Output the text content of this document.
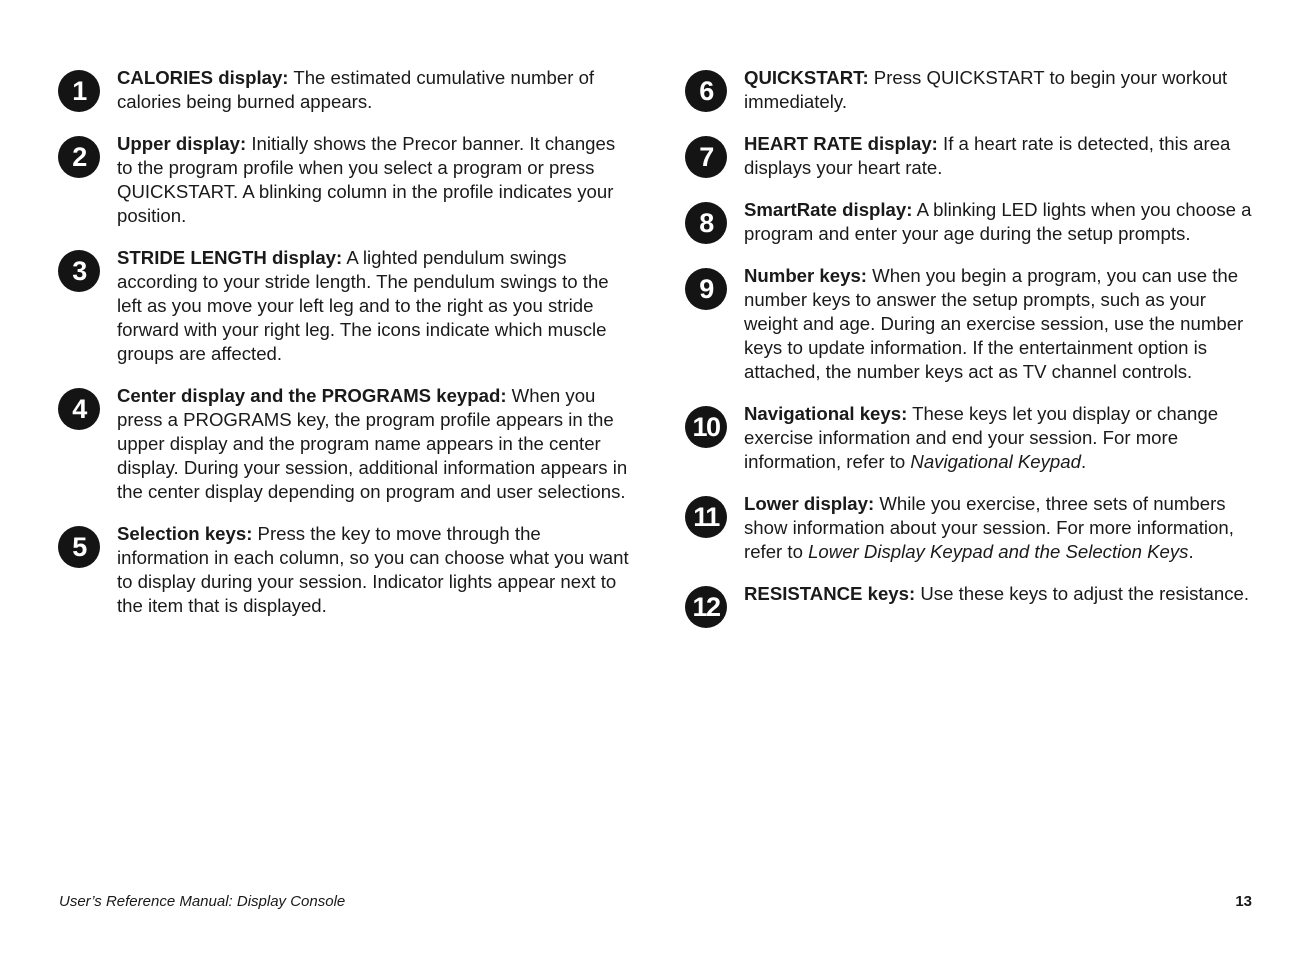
1	CALORIES display: The estimated cumulative number of calories being burned appears.

2	Upper display: Initially shows the Precor banner. It changes to the program profile when you select a program or press QUICKSTART. A blinking column in the profile indicates your position.

3	STRIDE LENGTH display: A lighted pendulum swings according to your stride length. The pendulum swings to the left as you move your left leg and to the right as you stride forward with your right leg. The icons indicate which muscle groups are affected.

4	Center display and the PROGRAMS keypad: When you press a PROGRAMS key, the program profile appears in the upper display and the program name appears in the center display. During your session, additional information appears in the center display depending on program and user selections.

5	Selection keys: Press the key to move through the information in each column, so you can choose what you want to display during your session. Indicator lights appear next to the item that is displayed.

6	QUICKSTART: Press QUICKSTART to begin your workout immediately.

7	HEART RATE display: If a heart rate is detected, this area displays your heart rate.

8	SmartRate display: A blinking LED lights when you choose a program and enter your age during the setup prompts.

9	Number keys: When you begin a program, you can use the number keys to answer the setup prompts, such as your weight and age. During an exercise session, use the number keys to update information. If the entertainment option is attached, the number keys act as TV channel controls.

10	Navigational keys: These keys let you display or change exercise information and end your session. For more information, refer to Navigational Keypad.

11	Lower display: While you exercise, three sets of numbers show information about your session. For more information, refer to Lower Display Keypad and the Selection Keys.

12	RESISTANCE keys: Use these keys to adjust the resistance.

User’s Reference Manual: Display Console	13
